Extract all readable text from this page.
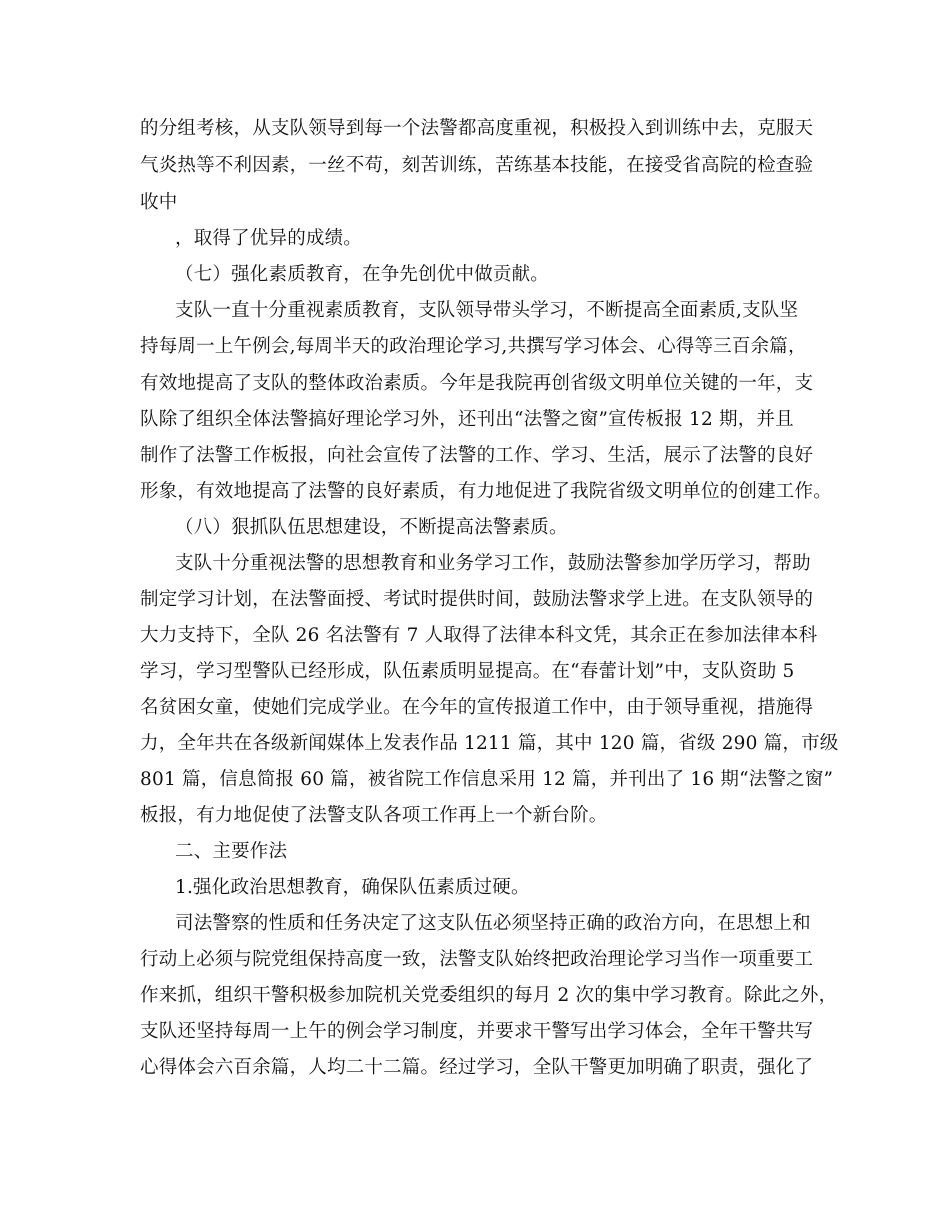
的分组考核，从支队领导到每一个法警都高度重视，积极投入到训练中去，克服天
气炎热等不利因素，一丝不苟，刻苦训练，苦练基本技能，在接受省高院的检查验
收中
，取得了优异的成绩。
（七）强化素质教育，在争先创优中做贡献。
支队一直十分重视素质教育，支队领导带头学习，不断提高全面素质,支队坚
持每周一上午例会,每周半天的政治理论学习,共撰写学习体会、心得等三百余篇，
有效地提高了支队的整体政治素质。今年是我院再创省级文明单位关键的一年，支
队除了组织全体法警搞好理论学习外，还刊出“法警之窗”宣传板报 12 期，并且
制作了法警工作板报，向社会宣传了法警的工作、学习、生活，展示了法警的良好
形象，有效地提高了法警的良好素质，有力地促进了我院省级文明单位的创建工作。
（八）狠抓队伍思想建设，不断提高法警素质。
支队十分重视法警的思想教育和业务学习工作，鼓励法警参加学历学习，帮助
制定学习计划，在法警面授、考试时提供时间，鼓励法警求学上进。在支队领导的
大力支持下，全队 26 名法警有 7 人取得了法律本科文凭，其余正在参加法律本科
学习，学习型警队已经形成，队伍素质明显提高。在“春蕾计划”中，支队资助 5
名贫困女童，使她们完成学业。在今年的宣传报道工作中，由于领导重视，措施得
力，全年共在各级新闻媒体上发表作品 1211 篇，其中 120 篇，省级 290 篇，市级
801 篇，信息简报 60 篇，被省院工作信息采用 12 篇，并刊出了 16 期“法警之窗”
板报，有力地促使了法警支队各项工作再上一个新台阶。
二、主要作法
1.强化政治思想教育，确保队伍素质过硬。
司法警察的性质和任务决定了这支队伍必须坚持正确的政治方向，在思想上和
行动上必须与院党组保持高度一致，法警支队始终把政治理论学习当作一项重要工
作来抓，组织干警积极参加院机关党委组织的每月 2 次的集中学习教育。除此之外，
支队还坚持每周一上午的例会学习制度，并要求干警写出学习体会，全年干警共写
心得体会六百余篇，人均二十二篇。经过学习，全队干警更加明确了职责，强化了
